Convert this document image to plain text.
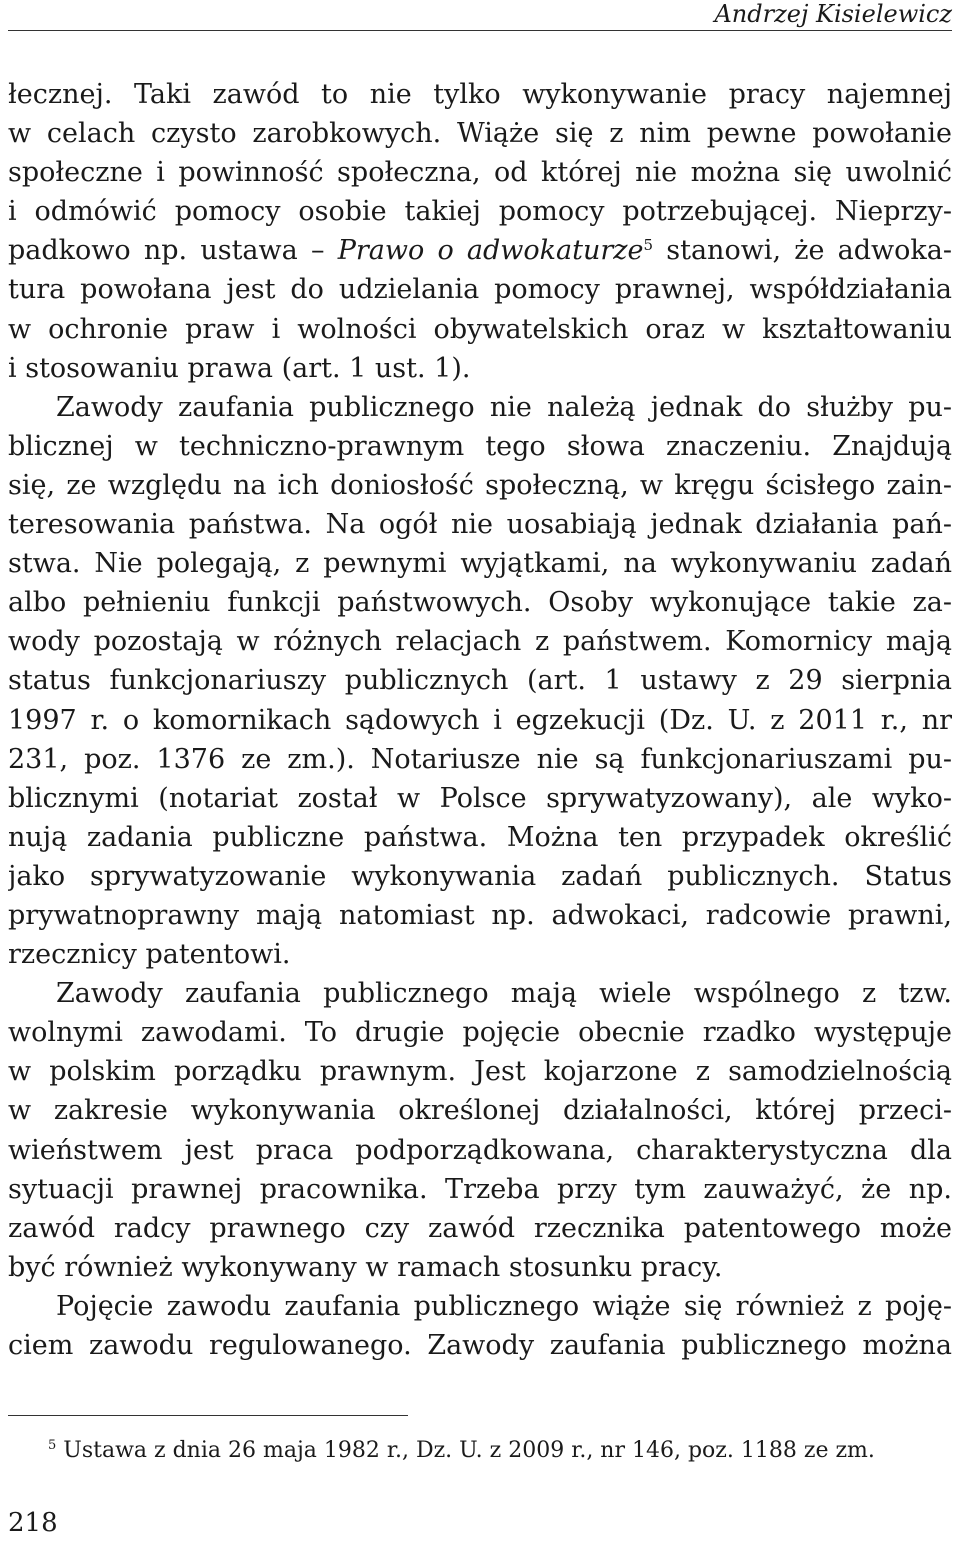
Andrzej Kisielewicz
łecznej. Taki zawód to nie tylko wykonywanie pracy najemnej
w celach czysto zarobkowych. Wiąże się z nim pewne powołanie
społeczne i powinność społeczna, od której nie można się uwolnić
i odmówić pomocy osobie takiej pomocy potrzebującej. Nieprzy-
padkowo np. ustawa – Prawo o adwokaturze$^5$ stanowi, że adwoka-
tura powołana jest do udzielania pomocy prawnej, współdziałania
w ochronie praw i wolności obywatelskich oraz w kształtowaniu
i stosowaniu prawa (art. 1 ust. 1).
Zawody zaufania publicznego nie należą jednak do służby pu-
blicznej w techniczno-prawnym tego słowa znaczeniu. Znajdują
się, ze względu na ich doniosłość społeczną, w kręgu ścisłego zain-
teresowania państwa. Na ogół nie uosabiają jednak działania pań-
stwa. Nie polegają, z pewnymi wyjątkami, na wykonywaniu zadań
albo pełnieniu funkcji państwowych. Osoby wykonujące takie za-
wody pozostają w różnych relacjach z państwem. Komornicy mają
status funkcjonariuszy publicznych (art. 1 ustawy z 29 sierpnia
1997 r. o komornikach sądowych i egzekucji (Dz. U. z 2011 r., nr
231, poz. 1376 ze zm.). Notariusze nie są funkcjonariuszami pu-
blicznymi (notariat został w Polsce sprywatyzowany), ale wyko-
nują zadania publiczne państwa. Można ten przypadek określić
jako sprywatyzowanie wykonywania zadań publicznych. Status
prywatnoprawny mają natomiast np. adwokaci, radcowie prawni,
rzecznicy patentowi.
Zawody zaufania publicznego mają wiele wspólnego z tzw.
wolnymi zawodami. To drugie pojęcie obecnie rzadko występuje
w polskim porządku prawnym. Jest kojarzone z samodzielnością
w zakresie wykonywania określonej działalności, której przeci-
wieństwem jest praca podporządkowana, charakterystyczna dla
sytuacji prawnej pracownika. Trzeba przy tym zauważyć, że np.
zawód radcy prawnego czy zawód rzecznika patentowego może
być również wykonywany w ramach stosunku pracy.
Pojęcie zawodu zaufania publicznego wiąże się również z poję-
ciem zawodu regulowanego. Zawody zaufania publicznego można
$^5$ Ustawa z dnia 26 maja 1982 r., Dz. U. z 2009 r., nr 146, poz. 1188 ze zm.
218
